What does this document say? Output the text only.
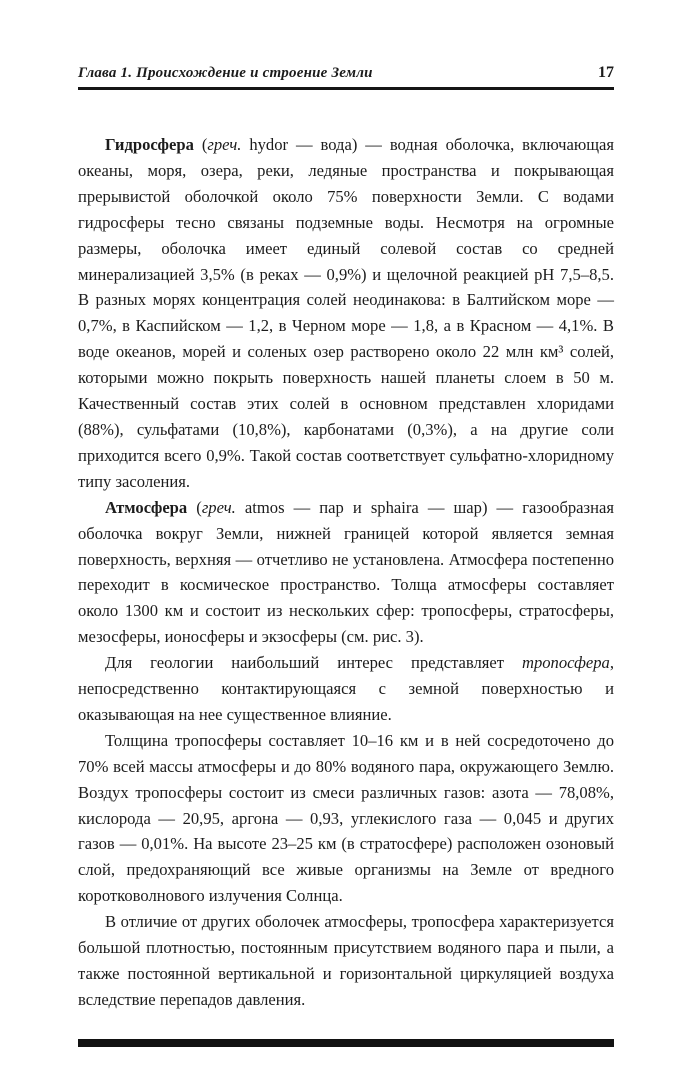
Глава 1. Происхождение и строение Земли	17

Гидросфера (греч. hydor — вода) — водная оболочка, включающая океаны, моря, озера, реки, ледяные пространства и покрывающая прерывистой оболочкой около 75% поверхности Земли. С водами гидросферы тесно связаны подземные воды. Несмотря на огромные размеры, оболочка имеет единый солевой состав со средней минерализацией 3,5% (в реках — 0,9%) и щелочной реакцией pH 7,5–8,5. В разных морях концентрация солей неодинакова: в Балтийском море — 0,7%, в Каспийском — 1,2, в Черном море — 1,8, а в Красном — 4,1%. В воде океанов, морей и соленых озер растворено около 22 млн км³ солей, которыми можно покрыть поверхность нашей планеты слоем в 50 м. Качественный состав этих солей в основном представлен хлоридами (88%), сульфатами (10,8%), карбонатами (0,3%), а на другие соли приходится всего 0,9%. Такой состав соответствует сульфатно-хлоридному типу засоления.

Атмосфера (греч. atmos — пар и sphaira — шар) — газообразная оболочка вокруг Земли, нижней границей которой является земная поверхность, верхняя — отчетливо не установлена. Атмосфера постепенно переходит в космическое пространство. Толща атмосферы составляет около 1300 км и состоит из нескольких сфер: тропосферы, стратосферы, мезосферы, ионосферы и экзосферы (см. рис. 3).

Для геологии наибольший интерес представляет тропосфера, непосредственно контактирующаяся с земной поверхностью и оказывающая на нее существенное влияние.

Толщина тропосферы составляет 10–16 км и в ней сосредоточено до 70% всей массы атмосферы и до 80% водяного пара, окружающего Землю. Воздух тропосферы состоит из смеси различных газов: азота — 78,08%, кислорода — 20,95, аргона — 0,93, углекислого газа — 0,045 и других газов — 0,01%. На высоте 23–25 км (в стратосфере) расположен озоновый слой, предохраняющий все живые организмы на Земле от вредного коротковолнового излучения Солнца.

В отличие от других оболочек атмосферы, тропосфера характеризуется большой плотностью, постоянным присутствием водяного пара и пыли, а также постоянной вертикальной и горизонтальной циркуляцией воздуха вследствие перепадов давления.
